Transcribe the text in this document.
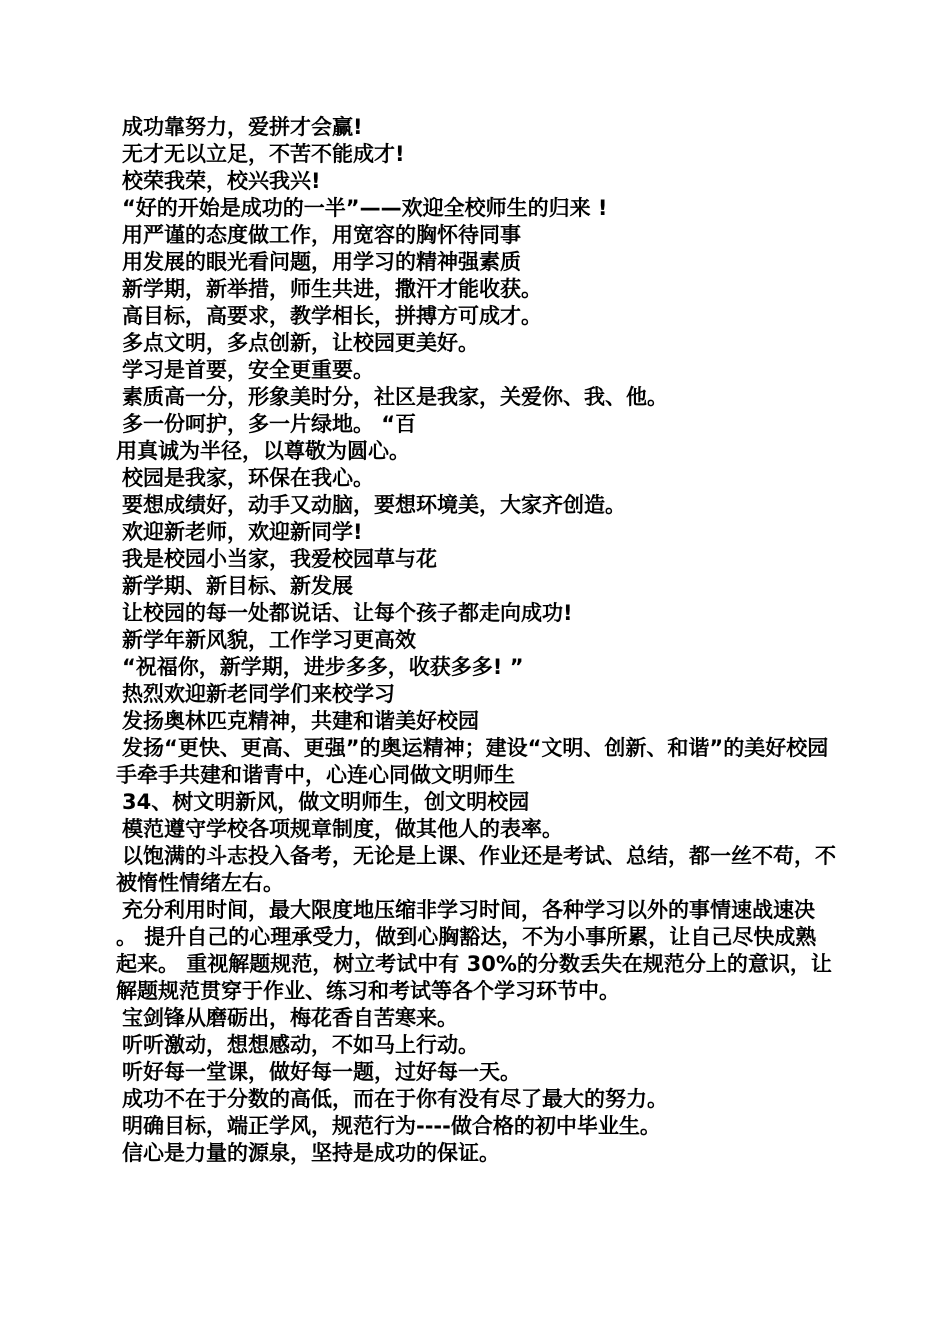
成功靠努力，爱拼才会赢!
无才无以立足，不苦不能成才!
校荣我荣，校兴我兴!
“好的开始是成功的一半”——欢迎全校师生的归来 !
用严谨的态度做工作，用宽容的胸怀待同事
用发展的眼光看问题，用学习的精神强素质
新学期，新举措，师生共进，撒汗才能收获。
高目标，高要求，教学相长，拼搏方可成才。
多点文明，多点创新，让校园更美好。
学习是首要，安全更重要。
素质高一分，形象美时分，社区是我家，关爱你、我、他。
多一份呵护，多一片绿地。 “百
用真诚为半径，以尊敬为圆心。
校园是我家，环保在我心。
要想成绩好，动手又动脑，要想环境美，大家齐创造。
欢迎新老师，欢迎新同学!
我是校园小当家，我爱校园草与花
新学期、新目标、新发展
让校园的每一处都说话、让每个孩子都走向成功!
新学年新风貌，工作学习更高效
“祝福你，新学期，进步多多，收获多多! ”
热烈欢迎新老同学们来校学习
发扬奥林匹克精神，共建和谐美好校园
发扬“更快、更高、更强”的奥运精神；建设“文明、创新、和谐”的美好校园 手牵手共建和谐青中，心连心同做文明师生
34、树文明新风，做文明师生，创文明校园
模范遵守学校各项规章制度，做其他人的表率。
以饱满的斗志投入备考，无论是上课、作业还是考试、总结，都一丝不苟，不被惰性情绪左右。
充分利用时间，最大限度地压缩非学习时间，各种学习以外的事情速战速决 。 提升自己的心理承受力，做到心胸豁达，不为小事所累，让自己尽快成熟起来。 重视解题规范，树立考试中有 30%的分数丢失在规范分上的意识，让解题规范贯穿于作业、练习和考试等各个学习环节中。
宝剑锋从磨砺出，梅花香自苦寒来。
听听激动，想想感动，不如马上行动。
听好每一堂课，做好每一题，过好每一天。
成功不在于分数的高低，而在于你有没有尽了最大的努力。
明确目标，端正学风，规范行为----做合格的初中毕业生。
信心是力量的源泉，坚持是成功的保证。
